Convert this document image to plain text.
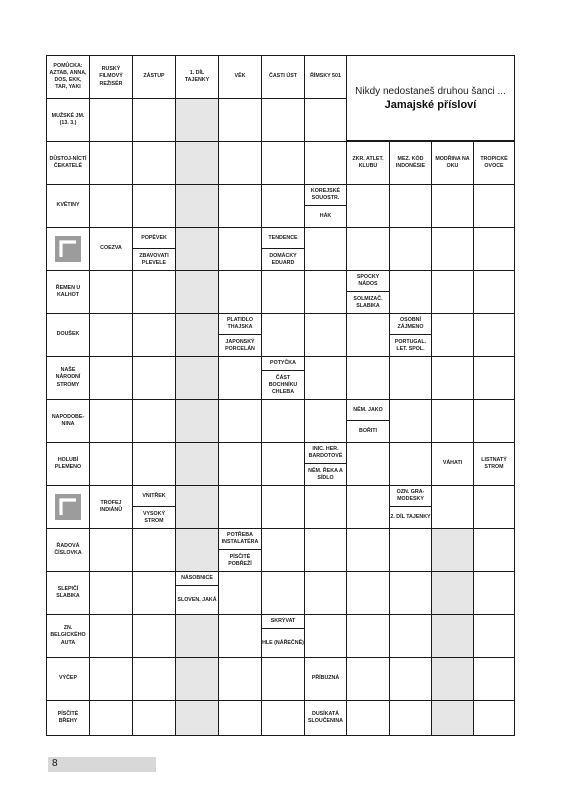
POMŮCKA: AZTAB, ANNA, DOS, EKK, TAR, YAKI
RUSKÝ FILMOVÝ REŽISÉR
ZÁSTUP
1. DÍL TAJENKY
VĚK	ČASTI ÚST ŘÍMSKY 501
Nikdy nedostaneš druhou šanci ...
Jamajské přísloví
MUŽSKÉ JM. (13. 3.)
DŮSTOJ-NÍCTÍ ČEKATELÉ
KVĚTINY
ŘEMEN U KALHOT
DOUŠEK
NAŠE NÁRODNÍ STROMY
NAPODOBE-NINA
HOLUBÍ PLEMENO
ŘADOVÁ ČÍSLOVKA
SLEPIČÍ SLABIKA
ZN. BELGICKÉHO AUTA
VÝČEP
PÍSČITÉ BŘEHY
ZKR. ATLET. KLUBU
MEZ. KÓD INDONÉSIE
MODŘINA NA OKU
TROPICKÉ OVOCE
KOREJSKÉ SOUOSTR.
HÁK
COEZVA
POPĚVEK
ZBAVOVATI PLEVELE
TENDENCE
DOMÁCKY EDUARD
SPOCKY NÁDOS
SOLMIZAČ. SLABIKA
PLATIDLO THAJSKA
JAPONSKÝ PORCELÁN
OSOBNÍ ZÁJMENO
PORTUGAL. LET. SPOL.
POTYČKA
ČÁST BOCHNÍKU CHLEBA
NĚM. JAKO
BOŘITI
INIC. HER. BARDOTOVÉ
NĚM. ŘEKA A SÍDLO
VÁHATI
LISTNATÝ STROM
TROFEJ INDIÁNŮ
VNITŘEK
VYSOKÝ STROM
OZN. GRA-MODESKY
2. DÍL TAJENKY
POTŘEBA INSTALATÉRA
PÍSČITÉ POBŘEŽÍ
NÁSOBNICE
SLOVEN. JAKÁ
SKRÝVAT
HLE (NÁŘEČNĚ)
PŘÍBUZNÁ
DUSÍKATÁ SLOUČENINA
8
